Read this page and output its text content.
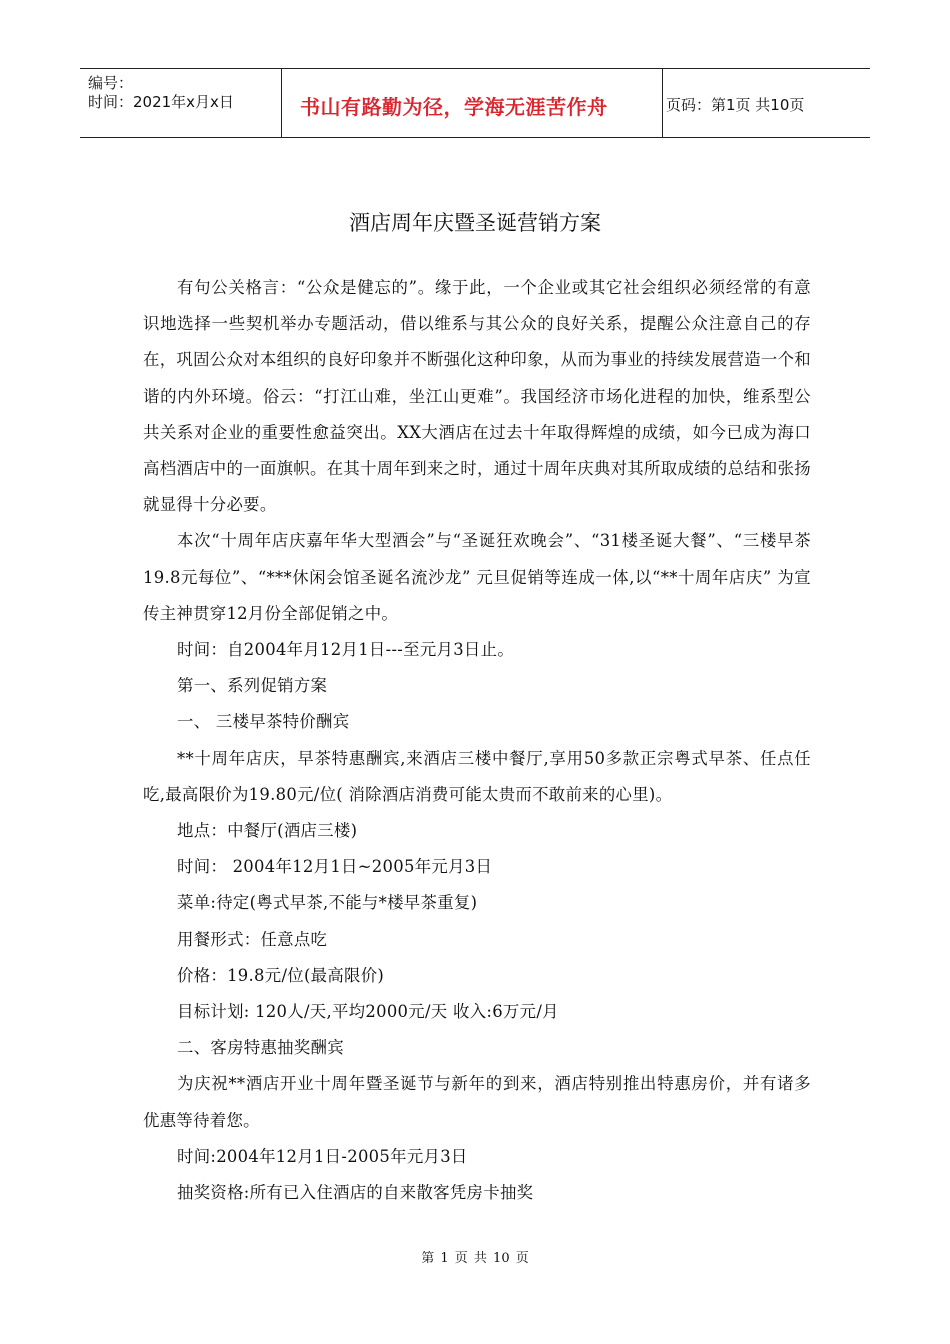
编号：
时间：2021年x月x日	书山有路勤为径，学海无涯苦作舟	页码：第1页 共10页
酒店周年庆暨圣诞营销方案

有句公关格言：“公众是健忘的”。缘于此，一个企业或其它社会组织必须经常的有意识地选择一些契机举办专题活动，借以维系与其公众的良好关系，提醒公众注意自己的存在，巩固公众对本组织的良好印象并不断强化这种印象，从而为事业的持续发展营造一个和谐的内外环境。俗云：“打江山难，坐江山更难”。我国经济市场化进程的加快，维系型公共关系对企业的重要性愈益突出。XX大酒店在过去十年取得辉煌的成绩，如今已成为海口高档酒店中的一面旗帜。在其十周年到来之时，通过十周年庆典对其所取成绩的总结和张扬就显得十分必要。

本次“十周年店庆嘉年华大型酒会”与“圣诞狂欢晚会”、“31楼圣诞大餐”、“三楼早茶19.8元每位”、“***休闲会馆圣诞名流沙龙” 元旦促销等连成一体,以“**十周年店庆” 为宣传主神贯穿12月份全部促销之中。

时间：自2004年月12月1日---至元月3日止。

第一、系列促销方案

一、 三楼早茶特价酬宾

**十周年店庆，早茶特惠酬宾,来酒店三楼中餐厅,享用50多款正宗粤式早茶、任点任吃,最高限价为19.80元/位( 消除酒店消费可能太贵而不敢前来的心里)。

地点：中餐厅(酒店三楼)

时间： 2004年12月1日~2005年元月3日

菜单:待定(粤式早茶,不能与*楼早茶重复)

用餐形式：任意点吃

价格：19.8元/位(最高限价)

目标计划: 120人/天,平均2000元/天 收入:6万元/月

二、客房特惠抽奖酬宾

为庆祝**酒店开业十周年暨圣诞节与新年的到来，酒店特别推出特惠房价，并有诸多优惠等待着您。

时间:2004年12月1日-2005年元月3日

抽奖资格:所有已入住酒店的自来散客凭房卡抽奖

第 1 页 共 10 页
